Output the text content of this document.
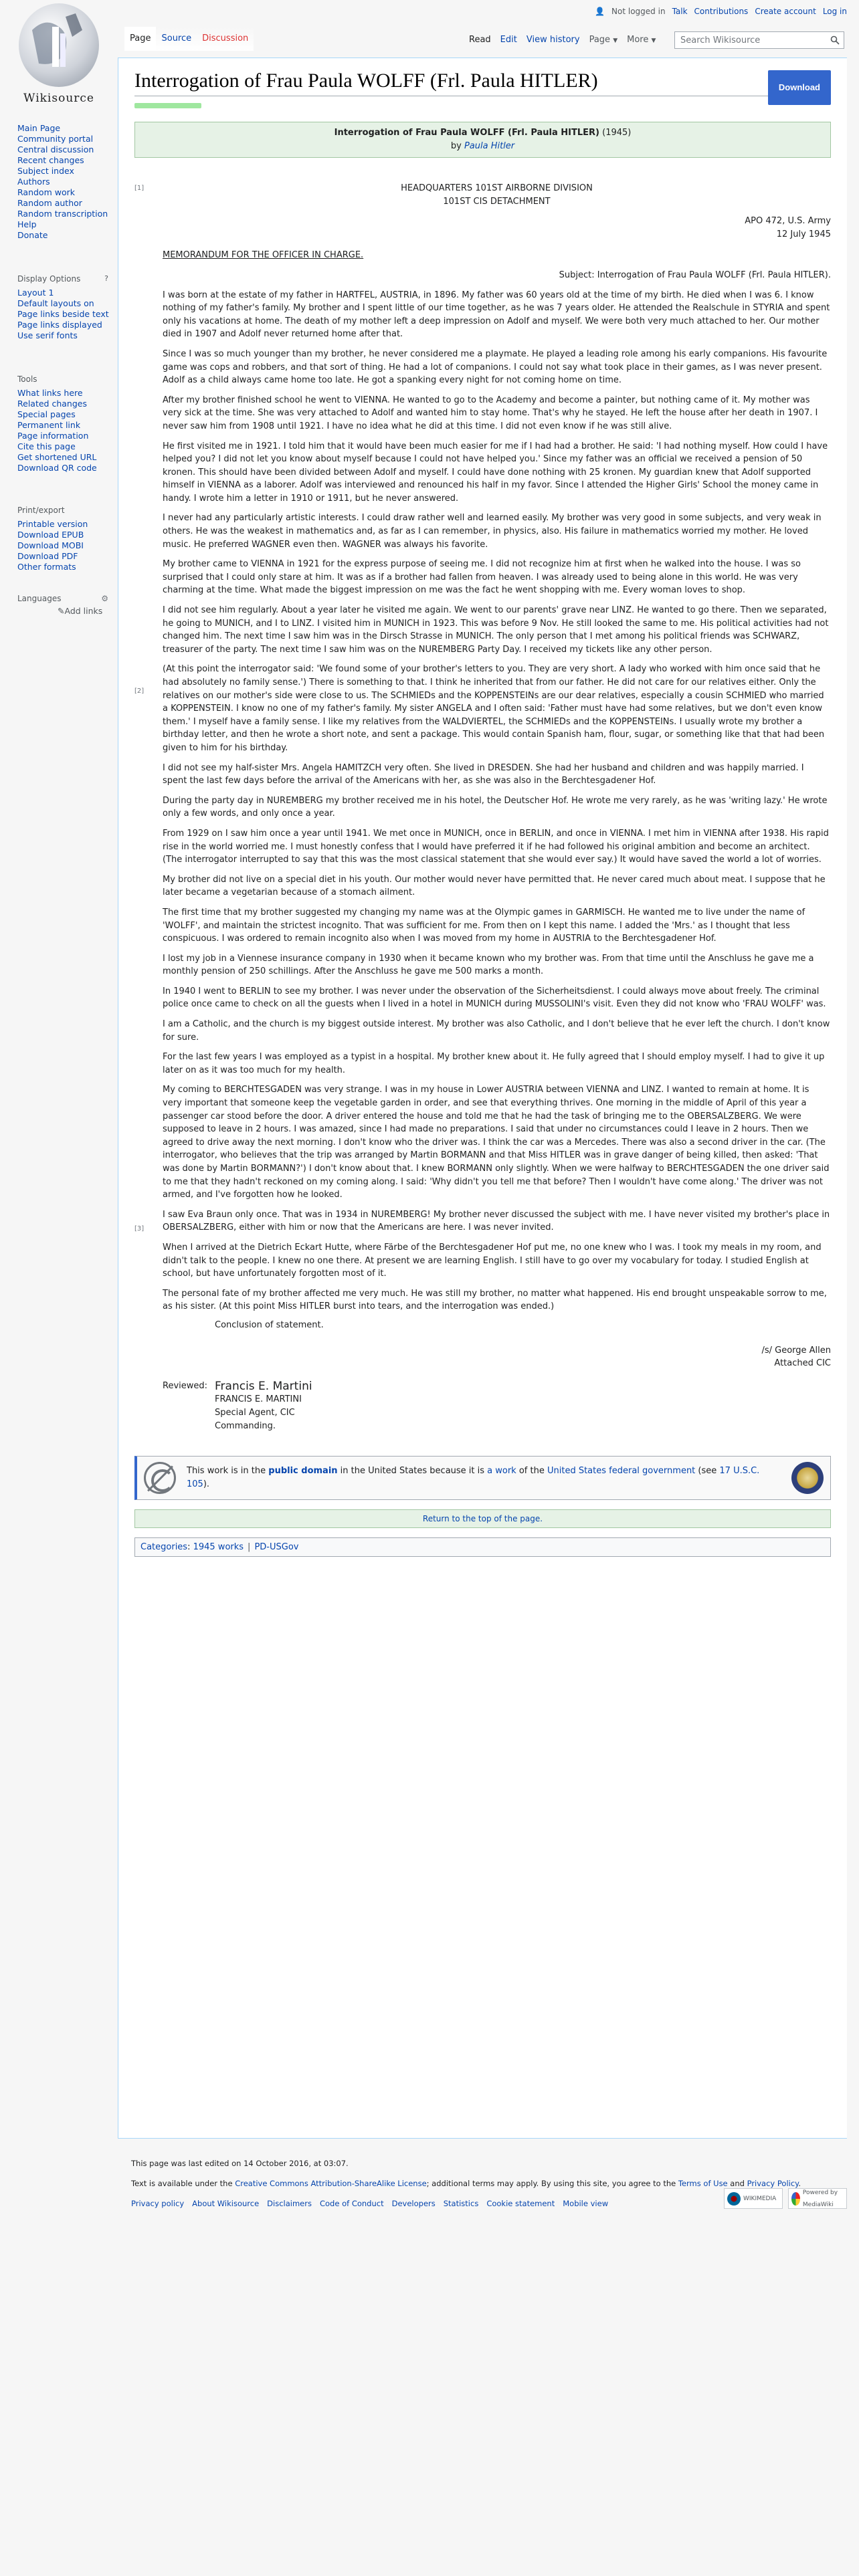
Wikisource
Main Page
Community portal
Central discussion
Recent changes
Subject index
Authors
Random work
Random author
Random transcription
Help
Donate
Display Options	?
Layout 1
Default layouts on
Page links beside text
Page links displayed
Use serif fonts
Tools
What links here
Related changes
Special pages
Permanent link
Page information
Cite this page
Get shortened URL
Download QR code
Print/export
Printable version
Download EPUB
Download MOBI
Download PDF
Other formats
Languages	⚙
✎Add links
👤 Not logged in Talk Contributions Create account Log in
Page	Source	Discussion	Read	Edit	View history	Page ▼	More ▼	Search Wikisource
Interrogation of Frau Paula WOLFF (Frl. Paula HITLER)	Download
Interrogation of Frau Paula WOLFF (Frl. Paula HITLER) (1945)
by Paula Hitler
[1]
[2]
[3]
HEADQUARTERS 101ST AIRBORNE DIVISION
101ST CIS DETACHMENT
APO 472, U.S. Army
12 July 1945
MEMORANDUM FOR THE OFFICER IN CHARGE.
Subject: Interrogation of Frau Paula WOLFF (Frl. Paula HITLER).

I was born at the estate of my father in HARTFEL, AUSTRIA, in 1896. My father was 60 years old at the time of my birth. He died when I was 6. I know nothing of my father's family. My brother and I spent little of our time together, as he was 7 years older. He attended the Realschule in STYRIA and spent only his vacations at home. The death of my mother left a deep impression on Adolf and myself. We were both very much attached to her. Our mother died in 1907 and Adolf never returned home after that.

Since I was so much younger than my brother, he never considered me a playmate. He played a leading role among his early companions. His favourite game was cops and robbers, and that sort of thing. He had a lot of companions. I could not say what took place in their games, as I was never present. Adolf as a child always came home too late. He got a spanking every night for not coming home on time.

After my brother finished school he went to VIENNA. He wanted to go to the Academy and become a painter, but nothing came of it. My mother was very sick at the time. She was very attached to Adolf and wanted him to stay home. That's why he stayed. He left the house after her death in 1907. I never saw him from 1908 until 1921. I have no idea what he did at this time. I did not even know if he was still alive.

He first visited me in 1921. I told him that it would have been much easier for me if I had had a brother. He said: 'I had nothing myself. How could I have helped you? I did not let you know about myself because I could not have helped you.' Since my father was an official we received a pension of 50 kronen. This should have been divided between Adolf and myself. I could have done nothing with 25 kronen. My guardian knew that Adolf supported himself in VIENNA as a laborer. Adolf was interviewed and renounced his half in my favor. Since I attended the Higher Girls' School the money came in handy. I wrote him a letter in 1910 or 1911, but he never answered.

I never had any particularly artistic interests. I could draw rather well and learned easily. My brother was very good in some subjects, and very weak in others. He was the weakest in mathematics and, as far as I can remember, in physics, also. His failure in mathematics worried my mother. He loved music. He preferred WAGNER even then. WAGNER was always his favorite.

My brother came to VIENNA in 1921 for the express purpose of seeing me. I did not recognize him at first when he walked into the house. I was so surprised that I could only stare at him. It was as if a brother had fallen from heaven. I was already used to being alone in this world. He was very charming at the time. What made the biggest impression on me was the fact he went shopping with me. Every woman loves to shop.

I did not see him regularly. About a year later he visited me again. We went to our parents' grave near LINZ. He wanted to go there. Then we separated, he going to MUNICH, and I to LINZ. I visited him in MUNICH in 1923. This was before 9 Nov. He still looked the same to me. His political activities had not changed him. The next time I saw him was in the Dirsch Strasse in MUNICH. The only person that I met among his political friends was SCHWARZ, treasurer of the party. The next time I saw him was on the NUREMBERG Party Day. I received my tickets like any other person.

(At this point the interrogator said: 'We found some of your brother's letters to you. They are very short. A lady who worked with him once said that he had absolutely no family sense.') There is something to that. I think he inherited that from our father. He did not care for our relatives either. Only the relatives on our mother's side were close to us. The SCHMIEDs and the KOPPENSTEINs are our dear relatives, especially a cousin SCHMIED who married a KOPPENSTEIN. I know no one of my father's family. My sister ANGELA and I often said: 'Father must have had some relatives, but we don't even know them.' I myself have a family sense. I like my relatives from the WALDVIERTEL, the SCHMIEDs and the KOPPENSTEINs. I usually wrote my brother a birthday letter, and then he wrote a short note, and sent a package. This would contain Spanish ham, flour, sugar, or something like that that had been given to him for his birthday.

I did not see my half-sister Mrs. Angela HAMITZCH very often. She lived in DRESDEN. She had her husband and children and was happily married. I spent the last few days before the arrival of the Americans with her, as she was also in the Berchtesgadener Hof.

During the party day in NUREMBERG my brother received me in his hotel, the Deutscher Hof. He wrote me very rarely, as he was 'writing lazy.' He wrote only a few words, and only once a year.

From 1929 on I saw him once a year until 1941. We met once in MUNICH, once in BERLIN, and once in VIENNA. I met him in VIENNA after 1938. His rapid rise in the world worried me. I must honestly confess that I would have preferred it if he had followed his original ambition and become an architect. (The interrogator interrupted to say that this was the most classical statement that she would ever say.) It would have saved the world a lot of worries.

My brother did not live on a special diet in his youth. Our mother would never have permitted that. He never cared much about meat. I suppose that he later became a vegetarian because of a stomach ailment.

The first time that my brother suggested my changing my name was at the Olympic games in GARMISCH. He wanted me to live under the name of 'WOLFF', and maintain the strictest incognito. That was sufficient for me. From then on I kept this name. I added the 'Mrs.' as I thought that less conspicuous. I was ordered to remain incognito also when I was moved from my home in AUSTRIA to the Berchtesgadener Hof.

I lost my job in a Viennese insurance company in 1930 when it became known who my brother was. From that time until the Anschluss he gave me a monthly pension of 250 schillings. After the Anschluss he gave me 500 marks a month.

In 1940 I went to BERLIN to see my brother. I was never under the observation of the Sicherheitsdienst. I could always move about freely. The criminal police once came to check on all the guests when I lived in a hotel in MUNICH during MUSSOLINI's visit. Even they did not know who 'FRAU WOLFF' was.

I am a Catholic, and the church is my biggest outside interest. My brother was also Catholic, and I don't believe that he ever left the church. I don't know for sure.

For the last few years I was employed as a typist in a hospital. My brother knew about it. He fully agreed that I should employ myself. I had to give it up later on as it was too much for my health.

My coming to BERCHTESGADEN was very strange. I was in my house in Lower AUSTRIA between VIENNA and LINZ. I wanted to remain at home. It is very important that someone keep the vegetable garden in order, and see that everything thrives. One morning in the middle of April of this year a passenger car stood before the door. A driver entered the house and told me that he had the task of bringing me to the OBERSALZBERG. We were supposed to leave in 2 hours. I was amazed, since I had made no preparations. I said that under no circumstances could I leave in 2 hours. Then we agreed to drive away the next morning. I don't know who the driver was. I think the car was a Mercedes. There was also a second driver in the car. (The interrogator, who believes that the trip was arranged by Martin BORMANN and that Miss HITLER was in grave danger of being killed, then asked: 'That was done by Martin BORMANN?') I don't know about that. I knew BORMANN only slightly. When we were halfway to BERCHTESGADEN the one driver said to me that they hadn't reckoned on my coming along. I said: 'Why didn't you tell me that before? Then I wouldn't have come along.' The driver was not armed, and I've forgotten how he looked.

I saw Eva Braun only once. That was in 1934 in NUREMBERG! My brother never discussed the subject with me. I have never visited my brother's place in OBERSALZBERG, either with him or now that the Americans are here. I was never invited.

When I arrived at the Dietrich Eckart Hutte, where Färbe of the Berchtesgadener Hof put me, no one knew who I was. I took my meals in my room, and didn't talk to the people. I knew no one there. At present we are learning English. I still have to go over my vocabulary for today. I studied English at school, but have unfortunately forgotten most of it.

The personal fate of my brother affected me very much. He was still my brother, no matter what happened. His end brought unspeakable sorrow to me, as his sister. (At this point Miss HITLER burst into tears, and the interrogation was ended.)

Conclusion of statement.
/s/ George Allen
Attached CIC
Reviewed: Francis E. Martini
FRANCIS E. MARTINI
Special Agent, CIC
Commanding.
This work is in the public domain in the United States because it is a work of the United States federal government (see 17 U.S.C. 105).
Return to the top of the page.
Categories: 1945 works | PD-USGov

This page was last edited on 14 October 2016, at 03:07.

Text is available under the Creative Commons Attribution-ShareAlike License; additional terms may apply. By using this site, you agree to the Terms of Use and Privacy Policy.

Privacy policy About Wikisource Disclaimers Code of Conduct Developers Statistics Cookie statement Mobile view
WIKIMEDIA
Powered by MediaWiki
